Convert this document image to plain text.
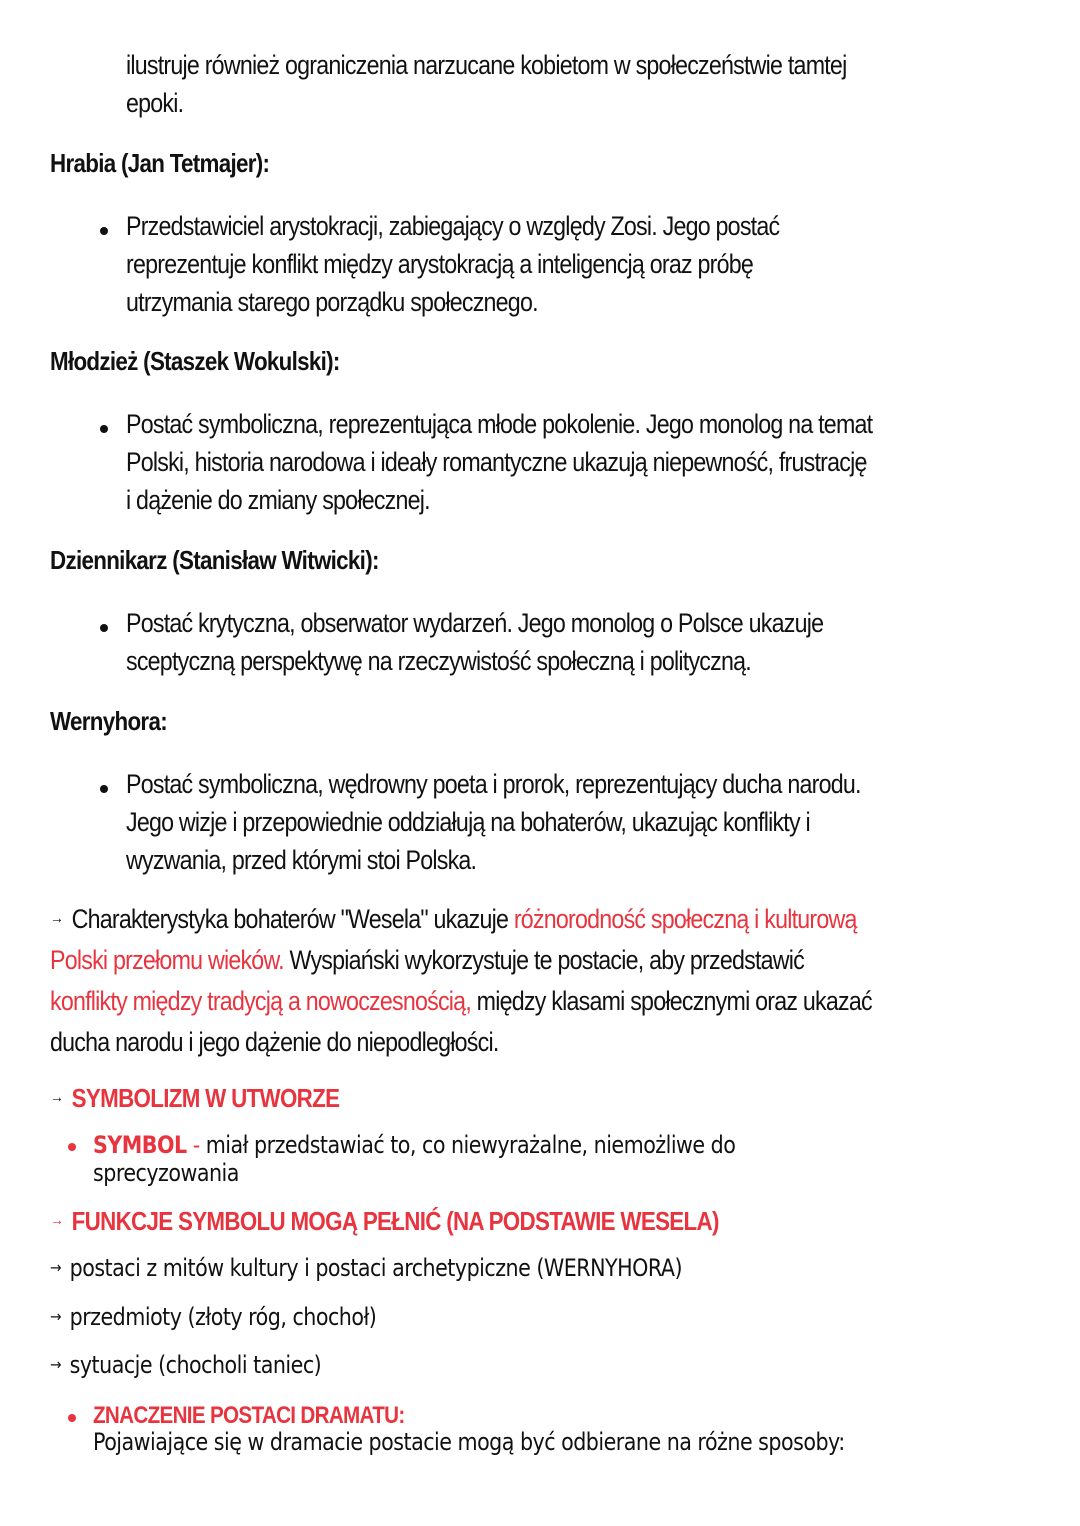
ilustruje również ograniczenia narzucane kobietom w społeczeństwie tamtej
epoki.
Hrabia (Jan Tetmajer):
Przedstawiciel arystokracji, zabiegający o względy Zosi. Jego postać
reprezentuje konflikt między arystokracją a inteligencją oraz próbę
utrzymania starego porządku społecznego.
Młodzież (Staszek Wokulski):
Postać symboliczna, reprezentująca młode pokolenie. Jego monolog na temat
Polski, historia narodowa i ideały romantyczne ukazują niepewność, frustrację
i dążenie do zmiany społecznej.
Dziennikarz (Stanisław Witwicki):
Postać krytyczna, obserwator wydarzeń. Jego monolog o Polsce ukazuje
sceptyczną perspektywę na rzeczywistość społeczną i polityczną.
Wernyhora:
Postać symboliczna, wędrowny poeta i prorok, reprezentujący ducha narodu.
Jego wizje i przepowiednie oddziałują na bohaterów, ukazując konflikty i
wyzwania, przed którymi stoi Polska.
→ Charakterystyka bohaterów "Wesela" ukazuje różnorodność społeczną i kulturową
Polski przełomu wieków. Wyspiański wykorzystuje te postacie, aby przedstawić
konflikty między tradycją a nowoczesnością, między klasami społecznymi oraz ukazać
ducha narodu i jego dążenie do niepodległości.
→ SYMBOLIZM W UTWORZE
SYMBOL - miał przedstawiać to, co niewyrażalne, niemożliwe do
sprecyzowania
→ FUNKCJE SYMBOLU MOGĄ PEŁNIĆ (NA PODSTAWIE WESELA)
→ postaci z mitów kultury i postaci archetypiczne (WERNYHORA)
→ przedmioty (złoty róg, chochoł)
→ sytuacje (chocholi taniec)
ZNACZENIE POSTACI DRAMATU:
Pojawiające się w dramacie postacie mogą być odbierane na różne sposoby:
